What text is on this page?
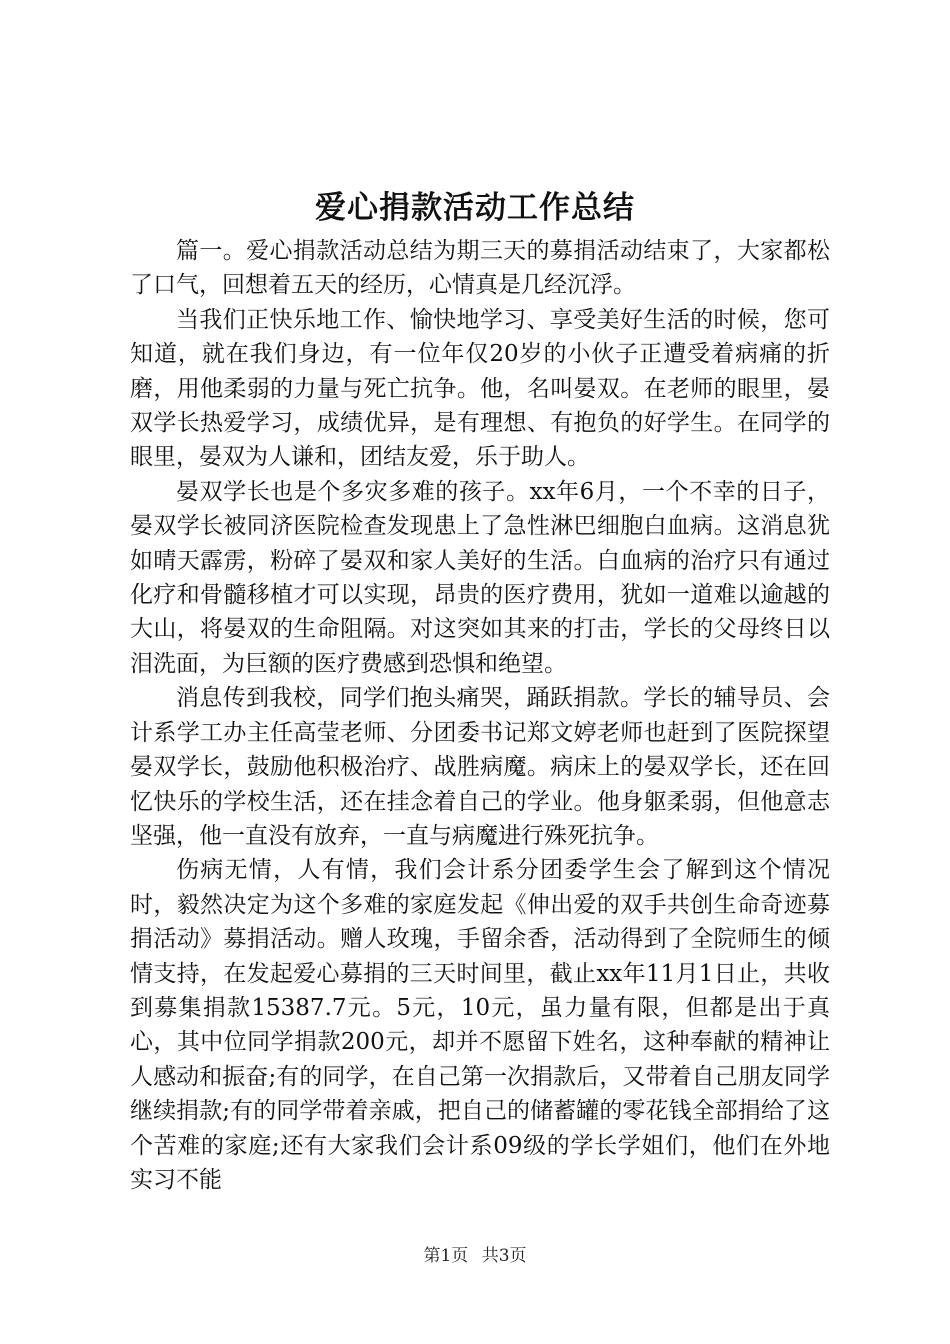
爱心捐款活动工作总结

篇一。爱心捐款活动总结为期三天的募捐活动结束了，大家都松了口气，回想着五天的经历，心情真是几经沉浮。

当我们正快乐地工作、愉快地学习、享受美好生活的时候，您可知道，就在我们身边，有一位年仅20岁的小伙子正遭受着病痛的折磨，用他柔弱的力量与死亡抗争。他，名叫晏双。在老师的眼里，晏双学长热爱学习，成绩优异，是有理想、有抱负的好学生。在同学的眼里，晏双为人谦和，团结友爱，乐于助人。

晏双学长也是个多灾多难的孩子。xx年6月，一个不幸的日子，晏双学长被同济医院检查发现患上了急性淋巴细胞白血病。这消息犹如晴天霹雳，粉碎了晏双和家人美好的生活。白血病的治疗只有通过化疗和骨髓移植才可以实现，昂贵的医疗费用，犹如一道难以逾越的大山，将晏双的生命阻隔。对这突如其来的打击，学长的父母终日以泪洗面，为巨额的医疗费感到恐惧和绝望。

消息传到我校，同学们抱头痛哭，踊跃捐款。学长的辅导员、会计系学工办主任高莹老师、分团委书记郑文婷老师也赶到了医院探望晏双学长，鼓励他积极治疗、战胜病魔。病床上的晏双学长，还在回忆快乐的学校生活，还在挂念着自己的学业。他身躯柔弱，但他意志坚强，他一直没有放弃，一直与病魔进行殊死抗争。

伤病无情，人有情，我们会计系分团委学生会了解到这个情况时，毅然决定为这个多难的家庭发起《伸出爱的双手共创生命奇迹募捐活动》募捐活动。赠人玫瑰，手留余香，活动得到了全院师生的倾情支持，在发起爱心募捐的三天时间里，截止xx年11月1日止，共收到募集捐款15387.7元。5元，10元，虽力量有限，但都是出于真心，其中位同学捐款200元，却并不愿留下姓名，这种奉献的精神让人感动和振奋;有的同学，在自己第一次捐款后，又带着自己朋友同学继续捐款;有的同学带着亲戚，把自己的储蓄罐的零花钱全部捐给了这个苦难的家庭;还有大家我们会计系09级的学长学姐们，他们在外地实习不能

第1页 共3页
